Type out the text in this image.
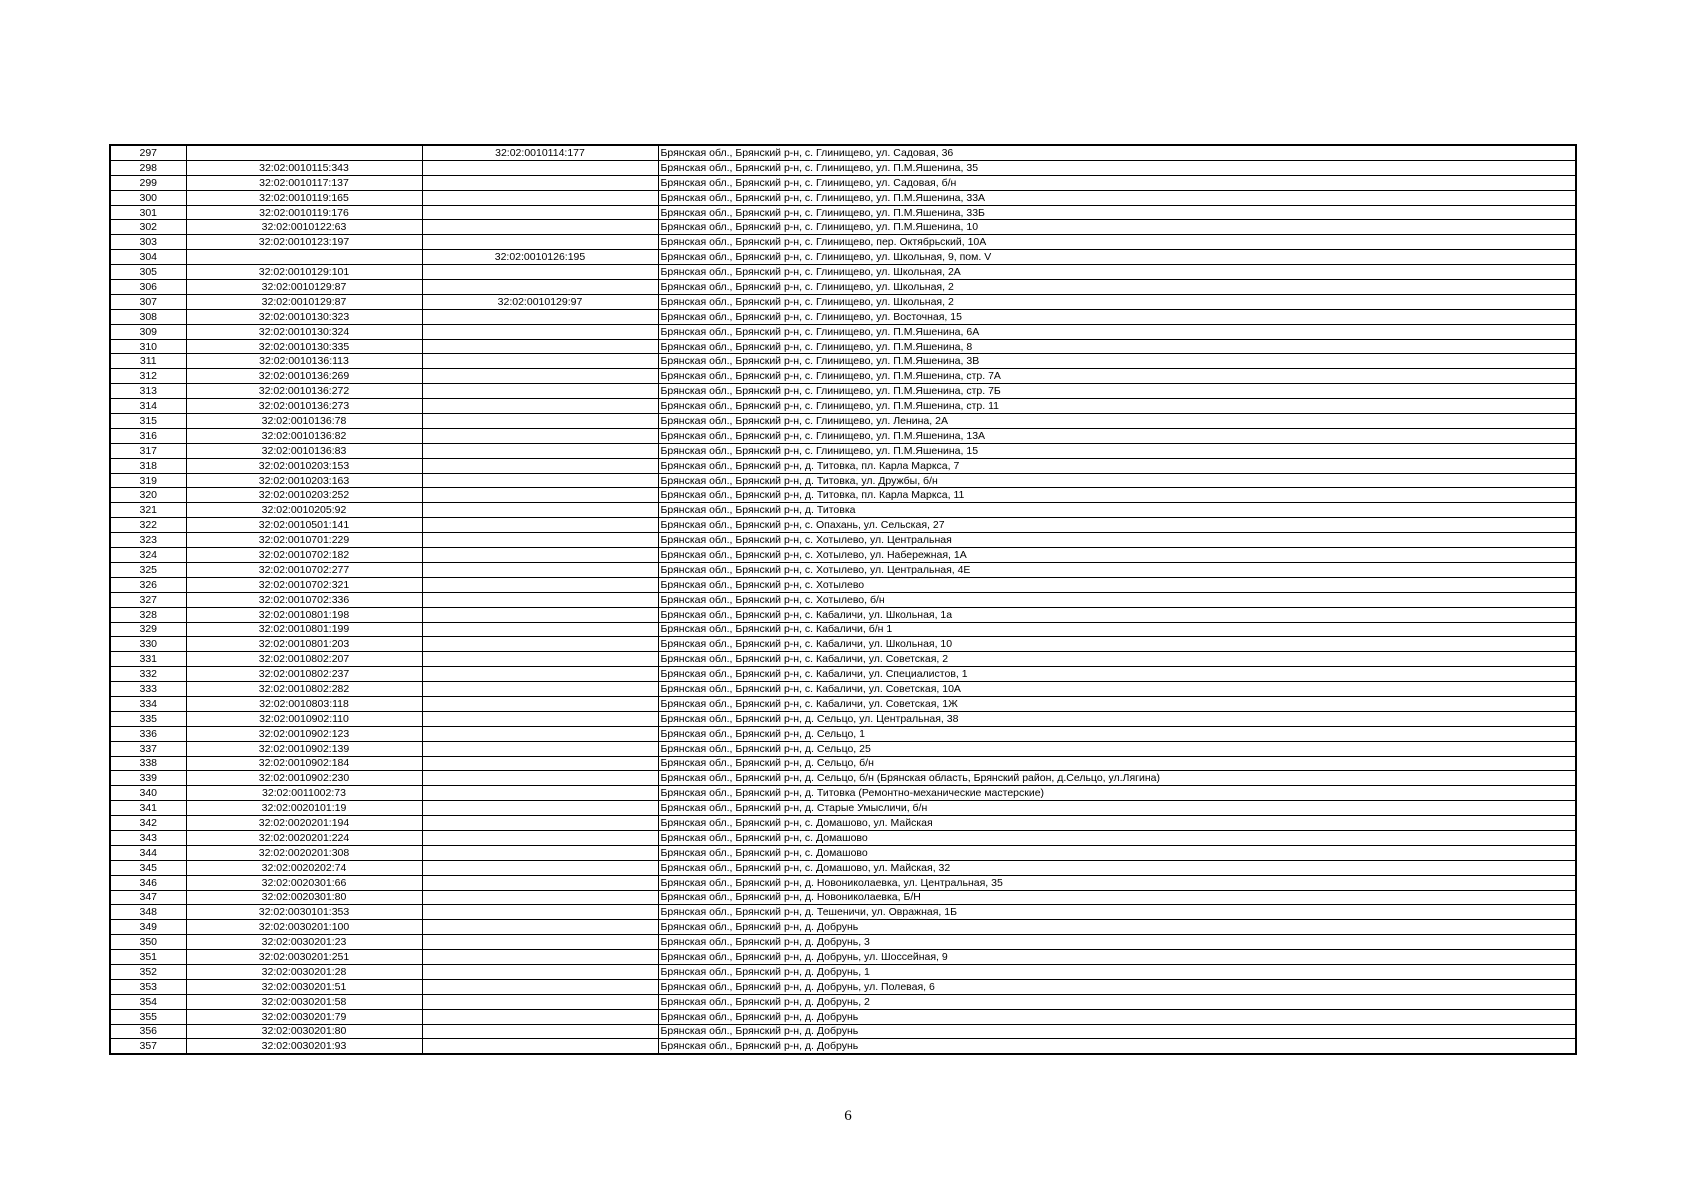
297		32:02:0010114:177	Брянская обл., Брянский р-н, с. Глинищево, ул. Садовая, 36
298	32:02:0010115:343		Брянская обл., Брянский р-н, с. Глинищево, ул. П.М.Яшенина, 35
299	32:02:0010117:137		Брянская обл., Брянский р-н, с. Глинищево, ул. Садовая, б/н
300	32:02:0010119:165		Брянская обл., Брянский р-н, с. Глинищево, ул. П.М.Яшенина, 33А
301	32:02:0010119:176		Брянская обл., Брянский р-н, с. Глинищево, ул. П.М.Яшенина, 33Б
302	32:02:0010122:63		Брянская обл., Брянский р-н, с. Глинищево, ул. П.М.Яшенина, 10
303	32:02:0010123:197		Брянская обл., Брянский р-н, с. Глинищево, пер. Октябрьский, 10А
304		32:02:0010126:195	Брянская обл., Брянский р-н, с. Глинищево, ул. Школьная, 9, пом. V
305	32:02:0010129:101		Брянская обл., Брянский р-н, с. Глинищево, ул. Школьная, 2А
306	32:02:0010129:87		Брянская обл., Брянский р-н, с. Глинищево, ул. Школьная, 2
307	32:02:0010129:87	32:02:0010129:97	Брянская обл., Брянский р-н, с. Глинищево, ул. Школьная, 2
308	32:02:0010130:323		Брянская обл., Брянский р-н, с. Глинищево, ул. Восточная, 15
309	32:02:0010130:324		Брянская обл., Брянский р-н, с. Глинищево, ул. П.М.Яшенина, 6А
310	32:02:0010130:335		Брянская обл., Брянский р-н, с. Глинищево, ул. П.М.Яшенина, 8
311	32:02:0010136:113		Брянская обл., Брянский р-н, с. Глинищево, ул. П.М.Яшенина, 3В
312	32:02:0010136:269		Брянская обл., Брянский р-н, с. Глинищево, ул. П.М.Яшенина, стр. 7А
313	32:02:0010136:272		Брянская обл., Брянский р-н, с. Глинищево, ул. П.М.Яшенина, стр. 7Б
314	32:02:0010136:273		Брянская обл., Брянский р-н, с. Глинищево, ул. П.М.Яшенина, стр. 11
315	32:02:0010136:78		Брянская обл., Брянский р-н, с. Глинищево, ул. Ленина, 2А
316	32:02:0010136:82		Брянская обл., Брянский р-н, с. Глинищево, ул. П.М.Яшенина, 13А
317	32:02:0010136:83		Брянская обл., Брянский р-н, с. Глинищево, ул. П.М.Яшенина, 15
318	32:02:0010203:153		Брянская обл., Брянский р-н, д. Титовка, пл. Карла Маркса, 7
319	32:02:0010203:163		Брянская обл., Брянский р-н, д. Титовка, ул. Дружбы, б/н
320	32:02:0010203:252		Брянская обл., Брянский р-н, д. Титовка, пл. Карла Маркса, 11
321	32:02:0010205:92		Брянская обл., Брянский р-н, д. Титовка
322	32:02:0010501:141		Брянская обл., Брянский р-н, с. Опахань, ул. Сельская, 27
323	32:02:0010701:229		Брянская обл., Брянский р-н, с. Хотылево, ул. Центральная
324	32:02:0010702:182		Брянская обл., Брянский р-н, с. Хотылево, ул. Набережная, 1А
325	32:02:0010702:277		Брянская обл., Брянский р-н, с. Хотылево, ул. Центральная, 4Е
326	32:02:0010702:321		Брянская обл., Брянский р-н, с. Хотылево
327	32:02:0010702:336		Брянская обл., Брянский р-н, с. Хотылево, б/н
328	32:02:0010801:198		Брянская обл., Брянский р-н, с. Кабаличи, ул. Школьная, 1а
329	32:02:0010801:199		Брянская обл., Брянский р-н, с. Кабаличи, б/н 1
330	32:02:0010801:203		Брянская обл., Брянский р-н, с. Кабаличи, ул. Школьная, 10
331	32:02:0010802:207		Брянская обл., Брянский р-н, с. Кабаличи, ул. Советская, 2
332	32:02:0010802:237		Брянская обл., Брянский р-н, с. Кабаличи, ул. Специалистов, 1
333	32:02:0010802:282		Брянская обл., Брянский р-н, с. Кабаличи, ул. Советская, 10А
334	32:02:0010803:118		Брянская обл., Брянский р-н, с. Кабаличи, ул. Советская, 1Ж
335	32:02:0010902:110		Брянская обл., Брянский р-н, д. Сельцо, ул. Центральная, 38
336	32:02:0010902:123		Брянская обл., Брянский р-н, д. Сельцо, 1
337	32:02:0010902:139		Брянская обл., Брянский р-н, д. Сельцо, 25
338	32:02:0010902:184		Брянская обл., Брянский р-н, д. Сельцо, б/н
339	32:02:0010902:230		Брянская обл., Брянский р-н, д. Сельцо, б/н (Брянская область, Брянский район, д.Сельцо, ул.Лягина)
340	32:02:0011002:73		Брянская обл., Брянский р-н, д. Титовка (Ремонтно-механические мастерские)
341	32:02:0020101:19		Брянская обл., Брянский р-н, д. Старые Умысличи, б/н
342	32:02:0020201:194		Брянская обл., Брянский р-н, с. Домашово, ул. Майская
343	32:02:0020201:224		Брянская обл., Брянский р-н, с. Домашово
344	32:02:0020201:308		Брянская обл., Брянский р-н, с. Домашово
345	32:02:0020202:74		Брянская обл., Брянский р-н, с. Домашово, ул. Майская, 32
346	32:02:0020301:66		Брянская обл., Брянский р-н, д. Новониколаевка, ул. Центральная, 35
347	32:02:0020301:80		Брянская обл., Брянский р-н, д. Новониколаевка, Б/Н
348	32:02:0030101:353		Брянская обл., Брянский р-н, д. Тешеничи, ул. Овражная, 1Б
349	32:02:0030201:100		Брянская обл., Брянский р-н, д. Добрунь
350	32:02:0030201:23		Брянская обл., Брянский р-н, д. Добрунь, 3
351	32:02:0030201:251		Брянская обл., Брянский р-н, д. Добрунь, ул. Шоссейная, 9
352	32:02:0030201:28		Брянская обл., Брянский р-н, д. Добрунь, 1
353	32:02:0030201:51		Брянская обл., Брянский р-н, д. Добрунь, ул. Полевая, 6
354	32:02:0030201:58		Брянская обл., Брянский р-н, д. Добрунь, 2
355	32:02:0030201:79		Брянская обл., Брянский р-н, д. Добрунь
356	32:02:0030201:80		Брянская обл., Брянский р-н, д. Добрунь
357	32:02:0030201:93		Брянская обл., Брянский р-н, д. Добрунь
6
